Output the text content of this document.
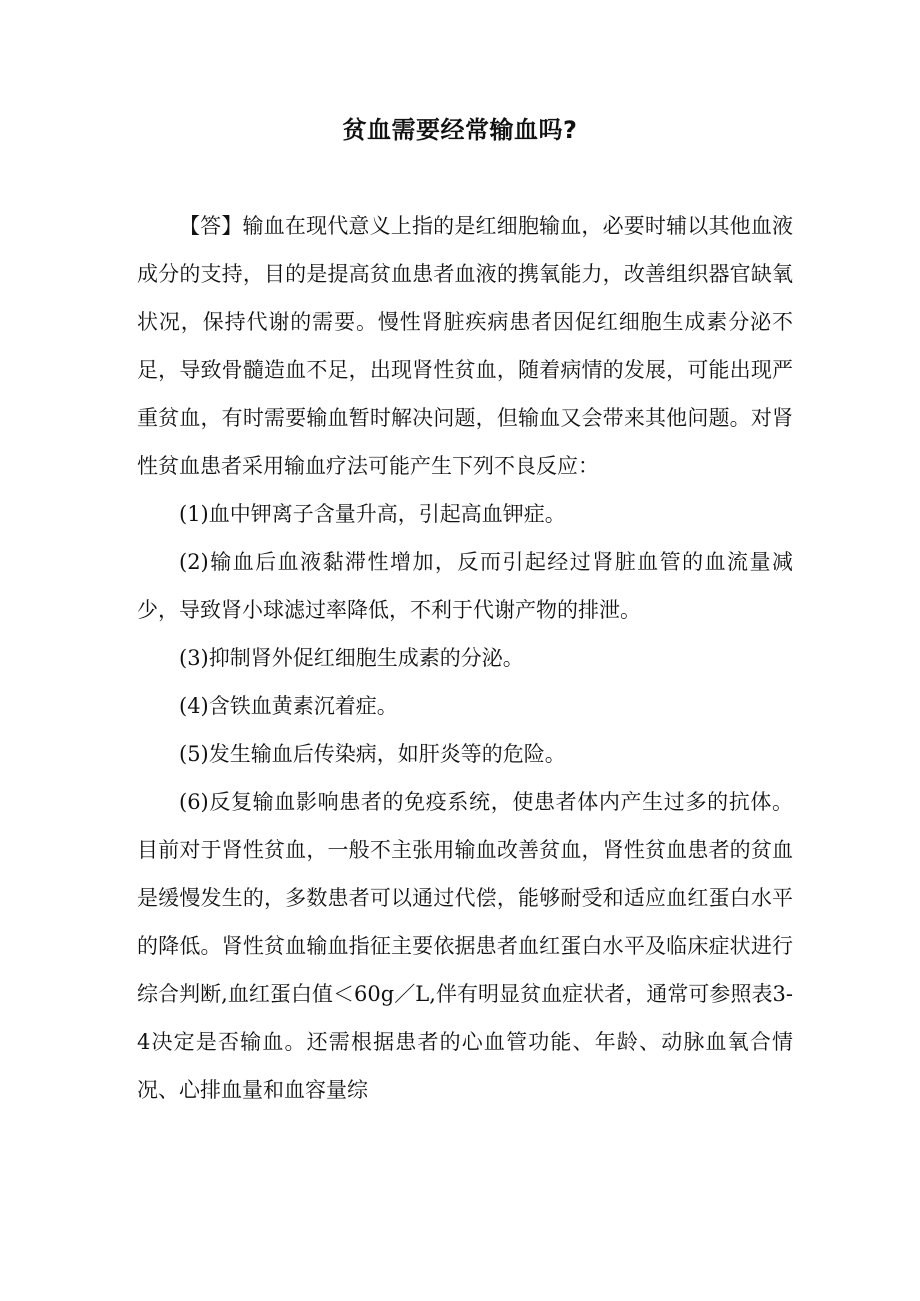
贫血需要经常输血吗?

【答】输血在现代意义上指的是红细胞输血，必要时辅以其他血液成分的支持，目的是提高贫血患者血液的携氧能力，改善组织器官缺氧状况，保持代谢的需要。慢性肾脏疾病患者因促红细胞生成素分泌不足，导致骨髓造血不足，出现肾性贫血，随着病情的发展，可能出现严重贫血，有时需要输血暂时解决问题，但输血又会带来其他问题。对肾性贫血患者采用输血疗法可能产生下列不良反应：

(1)血中钾离子含量升高，引起高血钾症。

(2)输血后血液黏滞性增加，反而引起经过肾脏血管的血流量减少，导致肾小球滤过率降低，不利于代谢产物的排泄。

(3)抑制肾外促红细胞生成素的分泌。

(4)含铁血黄素沉着症。

(5)发生输血后传染病，如肝炎等的危险。

(6)反复输血影响患者的免疫系统，使患者体内产生过多的抗体。目前对于肾性贫血，一般不主张用输血改善贫血，肾性贫血患者的贫血是缓慢发生的，多数患者可以通过代偿，能够耐受和适应血红蛋白水平的降低。肾性贫血输血指征主要依据患者血红蛋白水平及临床症状进行综合判断,血红蛋白值＜60g／L,伴有明显贫血症状者，通常可参照表3-4决定是否输血。还需根据患者的心血管功能、年龄、动脉血氧合情况、心排血量和血容量综
